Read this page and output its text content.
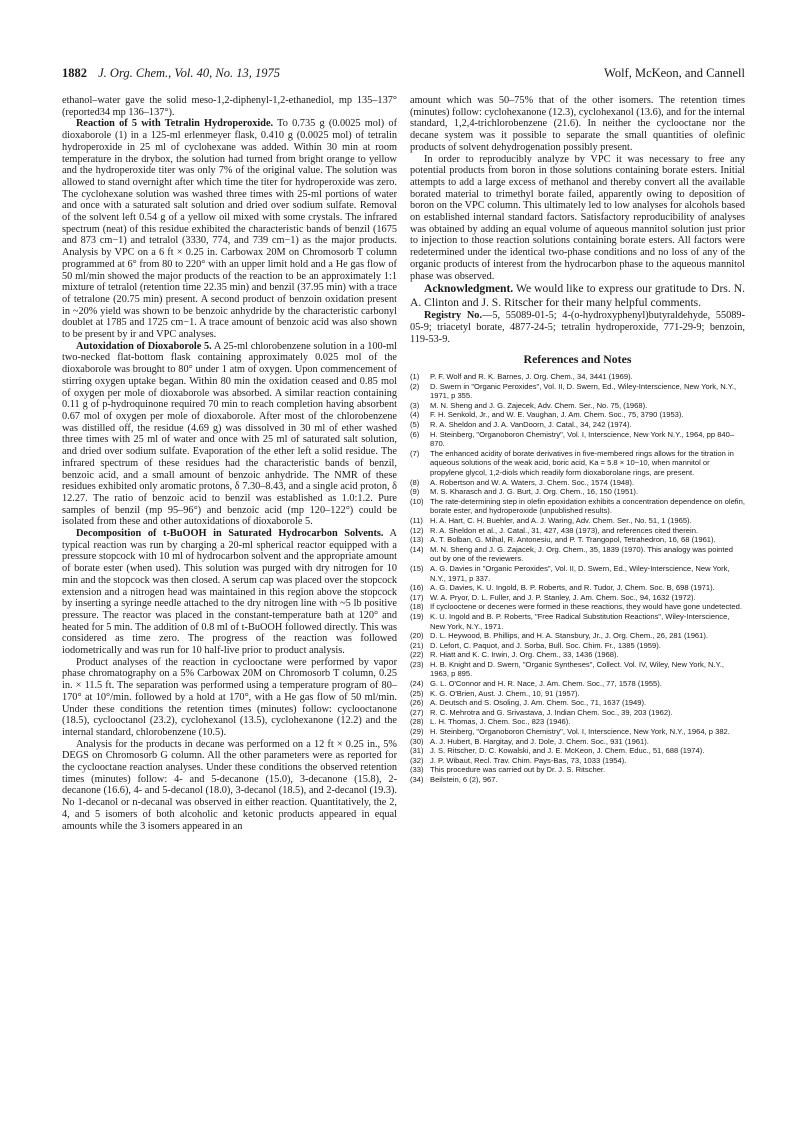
1882 J. Org. Chem., Vol. 40, No. 13, 1975	Wolf, McKeon, and Cannell

ethanol–water gave the solid meso-1,2-diphenyl-1,2-ethanediol, mp 135–137° (reported34 mp 136–137°).

Reaction of 5 with Tetralin Hydroperoxide. To 0.735 g (0.0025 mol) of dioxaborole (1) in a 125-ml erlenmeyer flask, 0.410 g (0.0025 mol) of tetralin hydroperoxide in 25 ml of cyclohexane was added. Within 30 min at room temperature in the drybox, the solution had turned from bright orange to yellow and the hydroperoxide titer was only 7% of the original value. The solution was allowed to stand overnight after which time the titer for hydroperoxide was zero. The cyclohexane solution was washed three times with 25-ml portions of water and once with a saturated salt solution and dried over sodium sulfate. Removal of the solvent left 0.54 g of a yellow oil mixed with some crystals. The infrared spectrum (neat) of this residue exhibited the characteristic bands of benzil (1675 and 873 cm−1) and tetralol (3330, 774, and 739 cm−1) as the major products. Analysis by VPC on a 6 ft × 0.25 in. Carbowax 20M on Chromosorb T column programmed at 6° from 80 to 220° with an upper limit hold and a He gas flow of 50 ml/min showed the major products of the reaction to be an approximately 1:1 mixture of tetralol (retention time 22.35 min) and benzil (37.95 min) with a trace of tetralone (20.75 min) present. A second product of benzoin oxidation present in ~20% yield was shown to be benzoic anhydride by the characteristic carbonyl doublet at 1785 and 1725 cm−1. A trace amount of benzoic acid was also shown to be present by ir and VPC analyses.

Autoxidation of Dioxaborole 5. A 25-ml chlorobenzene solution in a 100-ml two-necked flat-bottom flask containing approximately 0.025 mol of the dioxaborole was brought to 80° under 1 atm of oxygen. Upon commencement of stirring oxygen uptake began. Within 80 min the oxidation ceased and 0.85 mol of oxygen per mole of dioxaborole was absorbed. A similar reaction containing 0.11 g of p-hydroquinone required 70 min to reach completion having absorbent 0.67 mol of oxygen per mole of dioxaborole. After most of the chlorobenzene was distilled off, the residue (4.69 g) was dissolved in 30 ml of ether washed three times with 25 ml of water and once with 25 ml of saturated salt solution, and dried over sodium sulfate. Evaporation of the ether left a solid residue. The infrared spectrum of these residues had the characteristic bands of benzil, benzoic acid, and a small amount of benzoic anhydride. The NMR of these residues exhibited only aromatic protons, δ 7.30–8.43, and a single acid proton, δ 12.27. The ratio of benzoic acid to benzil was established as 1.0:1.2. Pure samples of benzil (mp 95–96°) and benzoic acid (mp 120–122°) could be isolated from these and other autoxidations of dioxaborole 5.

Decomposition of t-BuOOH in Saturated Hydrocarbon Solvents. A typical reaction was run by charging a 20-ml spherical reactor equipped with a pressure stopcock with 10 ml of hydrocarbon solvent and the appropriate amount of borate ester (when used). This solution was purged with dry nitrogen for 10 min and the stopcock was then closed. A serum cap was placed over the stopcock extension and a nitrogen head was maintained in this region above the stopcock by inserting a syringe needle attached to the dry nitrogen line with ~5 lb positive pressure. The reactor was placed in the constant-temperature bath at 120° and heated for 5 min. The addition of 0.8 ml of t-BuOOH followed directly. This was considered as time zero. The progress of the reaction was followed iodometrically and was run for 10 half-live prior to product analysis.

Product analyses of the reaction in cyclooctane were performed by vapor phase chromatography on a 5% Carbowax 20M on Chromosorb T column, 0.25 in. × 11.5 ft. The separation was performed using a temperature program of 80–170° at 10°/min. followed by a hold at 170°, with a He gas flow of 50 ml/min. Under these conditions the retention times (minutes) follow: cyclooctanone (18.5), cyclooctanol (23.2), cyclohexanol (13.5), cyclohexanone (12.2) and the internal standard, chlorobenzene (10.5).

Analysis for the products in decane was performed on a 12 ft × 0.25 in., 5% DEGS on Chromosorb G column. All the other parameters were as reported for the cyclooctane reaction analyses. Under these conditions the observed retention times (minutes) follow: 4- and 5-decanone (15.0), 3-decanone (15.8), 2-decanone (16.6), 4- and 5-decanol (18.0), 3-decanol (18.5), and 2-decanol (19.3). No 1-decanol or n-decanal was observed in either reaction. Quantitatively, the 2, 4, and 5 isomers of both alcoholic and ketonic products appeared in equal amounts while the 3 isomers appeared in an

amount which was 50–75% that of the other isomers. The retention times (minutes) follow: cyclohexanone (12.3), cyclohexanol (13.6), and for the internal standard, 1,2,4-trichlorobenzene (21.6). In neither the cyclooctane nor the decane system was it possible to separate the small quantities of olefinic products of solvent dehydrogenation possibly present.

In order to reproducibly analyze by VPC it was necessary to free any potential products from boron in those solutions containing borate esters. Initial attempts to add a large excess of methanol and thereby convert all the available borated material to trimethyl borate failed, apparently owing to deposition of boron on the VPC column. This ultimately led to low analyses for alcohols based on established internal standard factors. Satisfactory reproducibility of analyses was obtained by adding an equal volume of aqueous mannitol solution just prior to injection to those reaction solutions containing borate esters. All factors were redetermined under the identical two-phase conditions and no loss of any of the organic products of interest from the hydrocarbon phase to the aqueous mannitol phase was observed.

Acknowledgment. We would like to express our gratitude to Drs. N. A. Clinton and J. S. Ritscher for their many helpful comments.

Registry No.—5, 55089-01-5; 4-(o-hydroxyphenyl)butyraldehyde, 55089-05-9; triacetyl borate, 4877-24-5; tetralin hydroperoxide, 771-29-9; benzoin, 119-53-9.

References and Notes
(1)	P. F. Wolf and R. K. Barnes, J. Org. Chem., 34, 3441 (1969).
(2)	D. Swern in "Organic Peroxides", Vol. II, D. Swern, Ed., Wiley-Interscience, New York, N.Y., 1971, p 355.
(3)	M. N. Sheng and J. G. Zajecek, Adv. Chem. Ser., No. 75, (1968).
(4)	F. H. Senkold, Jr., and W. E. Vaughan, J. Am. Chem. Soc., 75, 3790 (1953).
(5)	R. A. Sheldon and J. A. VanDoorn, J. Catal., 34, 242 (1974).
(6)	H. Steinberg, "Organoboron Chemistry", Vol. I, Interscience, New York N.Y., 1964, pp 840–870.
(7)	The enhanced acidity of borate derivatives in five-membered rings allows for the titration in aqueous solutions of the weak acid, boric acid, Ka = 5.8 × 10−10, when mannitol or propylene glycol, 1,2-diols which readily form dioxaborolane rings, are present.
(8)	A. Robertson and W. A. Waters, J. Chem. Soc., 1574 (1948).
(9)	M. S. Kharasch and J. G. Burt, J. Org. Chem., 16, 150 (1951).
(10) The rate-determining step in olefin epoxidation exhibits a concentration dependence on olefin, borate ester, and hydroperoxide (unpublished results).
(11) H. A. Hart, C. H. Buehler, and A. J. Waring, Adv. Chem. Ser., No. 51, 1 (1965).
(12) R. A. Sheldon et al., J. Catal., 31, 427, 438 (1973), and references cited therein.
(13) A. T. Bolban, G. Mihal, R. Antonesiu, and P. T. Trangopol, Tetrahedron, 16, 68 (1961).
(14) M. N. Sheng and J. G. Zajacek, J. Org. Chem., 35, 1839 (1970). This analogy was pointed out by one of the reviewers.
(15) A. G. Davies in "Organic Peroxides", Vol. II, D. Swern, Ed., Wiley-Interscience, New York, N.Y., 1971, p 337.
(16) A. G. Davies, K. U. Ingold, B. P. Roberts, and R. Tudor, J. Chem. Soc. B, 698 (1971).
(17) W. A. Pryor, D. L. Fuller, and J. P. Stanley, J. Am. Chem. Soc., 94, 1632 (1972).
(18) If cyclooctene or decenes were formed in these reactions, they would have gone undetected.
(19) K. U. Ingold and B. P. Roberts, "Free Radical Substitution Reactions", Wiley-Interscience, New York, N.Y., 1971.
(20) D. L. Heywood, B. Phillips, and H. A. Stansbury, Jr., J. Org. Chem., 26, 281 (1961).
(21) D. Lefort, C. Paquot, and J. Sorba, Bull. Soc. Chim. Fr., 1385 (1959).
(22) R. Hiatt and K. C. Irwin, J. Org. Chem., 33, 1436 (1968).
(23) H. B. Knight and D. Swern, "Organic Syntheses", Collect. Vol. IV, Wiley, New York, N.Y., 1963, p 895.
(24) G. L. O'Connor and H. R. Nace, J. Am. Chem. Soc., 77, 1578 (1955).
(25) K. G. O'Brien, Aust. J. Chem., 10, 91 (1957).
(26) A. Deutsch and S. Osoling, J. Am. Chem. Soc., 71, 1637 (1949).
(27) R. C. Mehrotra and G. Srivastava, J. Indian Chem. Soc., 39, 203 (1962).
(28) L. H. Thomas, J. Chem. Soc., 823 (1946).
(29) H. Steinberg, "Organoboron Chemistry", Vol. I, Interscience, New York, N.Y., 1964, p 382.
(30) A. J. Hubert, B. Hargitay, and J. Dole, J. Chem. Soc., 931 (1961).
(31) J. S. Ritscher, D. C. Kowalski, and J. E. McKeon, J. Chem. Educ., 51, 688 (1974).
(32) J. P. Wibaut, Recl. Trav. Chim. Pays-Bas, 73, 1033 (1954).
(33) This procedure was carried out by Dr. J. S. Ritscher.
(34) Beilstein, 6 (2), 967.
